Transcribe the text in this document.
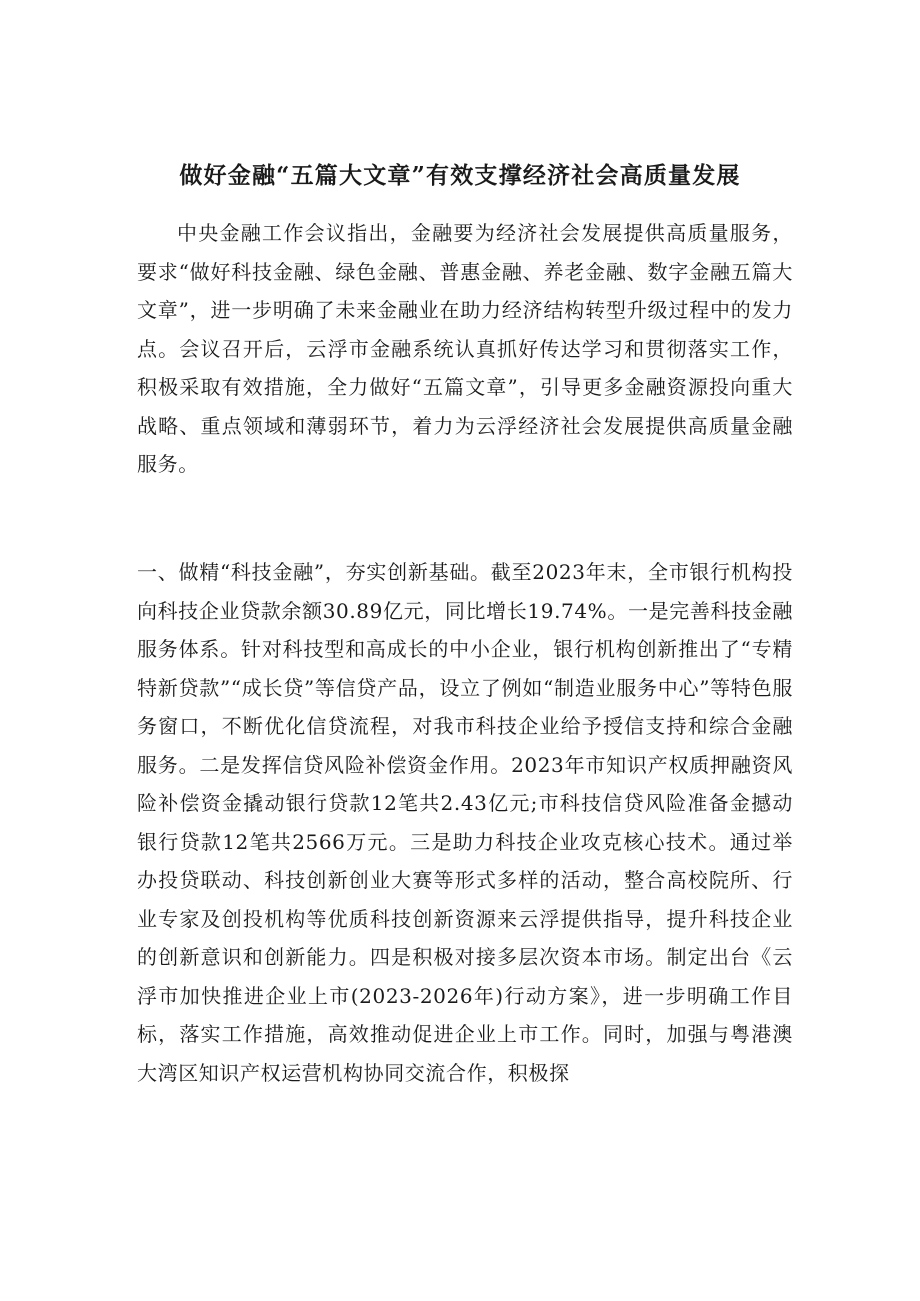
做好金融“五篇大文章”有效支撑经济社会高质量发展

中央金融工作会议指出，金融要为经济社会发展提供高质量服务，要求“做好科技金融、绿色金融、普惠金融、养老金融、数字金融五篇大文章”，进一步明确了未来金融业在助力经济结构转型升级过程中的发力点。会议召开后，云浮市金融系统认真抓好传达学习和贯彻落实工作，积极采取有效措施，全力做好“五篇文章”，引导更多金融资源投向重大战略、重点领域和薄弱环节，着力为云浮经济社会发展提供高质量金融服务。

一、做精“科技金融”，夯实创新基础。截至2023年末，全市银行机构投向科技企业贷款余额30.89亿元，同比增长19.74%。一是完善科技金融服务体系。针对科技型和高成长的中小企业，银行机构创新推出了“专精特新贷款”“成长贷”等信贷产品，设立了例如“制造业服务中心”等特色服务窗口，不断优化信贷流程，对我市科技企业给予授信支持和综合金融服务。二是发挥信贷风险补偿资金作用。2023年市知识产权质押融资风险补偿资金撬动银行贷款12笔共2.43亿元;市科技信贷风险准备金撼动银行贷款12笔共2566万元。三是助力科技企业攻克核心技术。通过举办投贷联动、科技创新创业大赛等形式多样的活动，整合高校院所、行业专家及创投机构等优质科技创新资源来云浮提供指导，提升科技企业的创新意识和创新能力。四是积极对接多层次资本市场。制定出台《云浮市加快推进企业上市(2023-2026年)行动方案》，进一步明确工作目标，落实工作措施，高效推动促进企业上市工作。同时，加强与粤港澳大湾区知识产权运营机构协同交流合作，积极探
